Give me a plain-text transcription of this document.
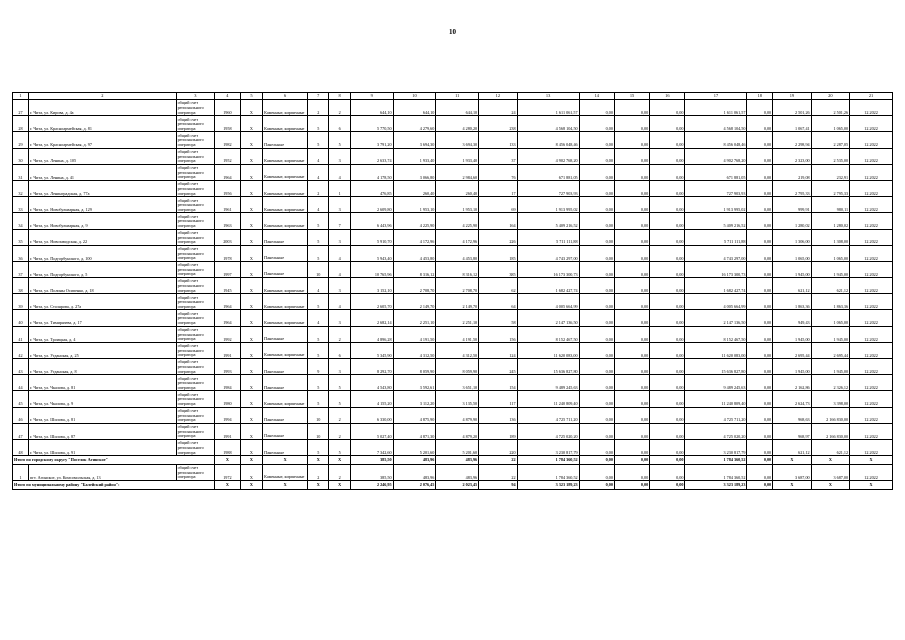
10
1	2	3	4	5	6	7	8	9	10	11	12	13	14	15	16	17	18	19	20	21
27	г. Чита, ул. Кирова, д. 4а	общий счет регионального оператора	1960	Х	Каменные, кирпичные	2	2	644,10	644,10	644,10	24	1 611 061,57	0,00	0,00	0,00	1 611 061,57	0,00	2 501,26	2 501,26	12.2022
28	г. Чита, ул. Красноармейская, д. 81	общий счет регионального оператора	1958	Х	Каменные, кирпичные	5	6	5 770,50	4 279,60	4 280,20	238	4 568 104,50	0,00	0,00	0,00	4 568 104,50	0,00	1 067,41	1 065,00	12.2022
29	г. Чита, ул. Красноармейская, д. 97	общий счет регионального оператора	1982	Х	Панельные	5	5	3 791,20	3 694,30	3 694,30	133	8 456 048,46	0,00	0,00	0,00	8 456 048,46	0,00	2 298,94	2 287,05	12.2022
30	г. Чита, ул. Ленина, д. 105	общий счет регионального оператора	1952	Х	Каменные, кирпичные	4	3	2 633,74	1 933,40	1 933,40	37	4 902 768,20	0,00	0,00	0,00	4 902 768,20	0,00	2 323,00	2 535,00	12.2022
31	г. Чита, ул. Ленина, д. 41	общий счет регионального оператора	1964	Х	Каменные, кирпичные	4	4	4 178,50	3 066,80	2 984,60	76	671 881,05	0,00	0,00	0,00	671 881,05	0,00	219,08	232,91	12.2022
32	г. Чита, ул. Ленинградская, д. 77а	общий счет регионального оператора	1956	Х	Каменные, кирпичные	2	1	476,85	260,40	260,40	17	727 903,93	0,00	0,00	0,00	727 903,93	0,00	2 795,33	2 795,33	12.2022
33	г. Чита, ул. Новобульварная, д. 129	общий счет регионального оператора	1961	Х	Каменные, кирпичные	4	3	2 609,80	1 953,10	1 953,10	69	1 913 995,02	0,00	0,00	0,00	1 913 995,02	0,00	999,91	980,11	12.2022
34	г. Чита, ул. Новобульварная, д. 9	общий счет регионального оператора	1963	Х	Каменные, кирпичные	5	7	6 443,96	4 225,90	4 225,90	164	5 409 216,52	0,00	0,00	0,00	5 409 216,52	0,00	1 280,02	1 280,02	12.2022
35	г. Чита, ул. Новозаводская, д. 22	общий счет регионального оператора	2003	Х	Панельные	5	3	5 910,70	4 172,96	4 172,96	226	5 711 111,88	0,00	0,00	0,00	5 711 111,88	0,00	1 306,00	1 308,00	12.2022
36	г. Чита, ул. Подгорбунского, д. 100	общий счет регионального оператора	1978	Х	Панельные	5	4	5 943,40	4 453,80	4 453,80	185	4 743 297,00	0,00	0,00	0,00	4 743 297,00	0,00	1 065,00	1 065,00	12.2022
37	г. Чита, ул. Подгорбунского, д. 5	общий счет регионального оператора	1997	Х	Панельные	10	4	10 765,96	8 316,12	8 316,12	385	16 173 300,73	0,00	0,00	0,00	16 173 300,73	0,00	1 945,00	1 945,00	12.2022
38	г. Чита, ул. Полины Осипенко, д. 18	общий счет регионального оператора	1945	Х	Каменные, кирпичные	4	3	3 152,10	2 708,70	2 708,70	62	1 682 427,74	0,00	0,00	0,00	1 682 427,74	0,00	621,12	621,12	12.2022
39	г. Чита, ул. Столярова, д. 27а	общий счет регионального оператора	1964	Х	Каменные, кирпичные	5	4	2 605,70	2 149,70	2 149,70	64	4 005 664,99	0,00	0,00	0,00	4 005 664,99	0,00	1 863,36	1 863,36	12.2022
40	г. Чита, ул. Тимирязева, д. 17	общий счет регионального оператора	1964	Х	Каменные, кирпичные	4	3	2 682,14	2 251,10	2 251,10	58	2 147 136,50	0,00	0,00	0,00	2 147 136,50	0,00	949,43	1 065,00	12.2022
41	г. Чита, ул. Троицкая, д. 4	общий счет регионального оператора	1992	Х	Панельные	5	2	4 896,28	4 191,50	4 191,50	156	8 152 467,50	0,00	0,00	0,00	8 152 467,50	0,00	1 945,00	1 945,00	12.2022
42	г. Чита, ул. Угданская, д. 25	общий счет регионального оператора	1991	Х	Каменные, кирпичные	5	6	5 345,90	4 312,50	4 312,50	124	11 620 083,00	0,00	0,00	0,00	11 620 083,00	0,00	2 695,44	2 695,44	12.2022
43	г. Чита, ул. Угданская, д. 8	общий счет регионального оператора	1993	Х	Панельные	9	3	8 292,70	8 059,90	8 059,90	245	15 636 827,80	0,00	0,00	0,00	15 636 827,80	0,00	1 945,00	1 945,00	12.2022
44	г. Чита, ул. Чкалова, д. 81	общий счет регионального оператора	1984	Х	Панельные	5	5	4 543,80	3 592,61	3 651,10	154	9 489 245,63	0,00	0,00	0,00	9 489 245,63	0,00	2 162,86	2 326,12	12.2022
45	г. Чита, ул. Чкалова, д. 9	общий счет регионального оператора	1980	Х	Каменные, кирпичные	5	5	4 155,20	3 112,20	3 135,50	117	11 240 809,40	0,00	0,00	0,00	11 240 809,40	0,00	2 624,73	3 398,00	12.2022
46	г. Чита, ул. Шилова, д. 81	общий счет регионального оператора	1994	Х	Панельные	10	2	6 330,00	4 875,90	4 879,90	136	4 725 711,20	0,00	0,00	0,00	4 725 711,20	0,00	968,63	2 166 830,00	12.2022
47	г. Чита, ул. Шилова, д. 87	общий счет регионального оператора	1991	Х	Панельные	10	2	5 027,40	4 871,30	4 879,20	189	4 725 020,20	0,00	0,00	0,00	4 725 020,20	0,00	968,97	2 166 830,00	12.2022
48	г. Чита, ул. Шилова, д. 91	общий счет регионального оператора	1988	Х	Панельные	5	5	7 342,60	5 201,60	5 201,60	220	3 230 817,79	0,00	0,00	0,00	3 230 817,79	0,00	621,12	621,12	12.2022
Итого по городскому округу "Поселок Агинское"			Х	Х	Х	Х	Х	385,50	483,96	483,96	22	1 784 360,52	0,00	0,00	0,00	1 784 360,52	0,00	Х	Х	Х
1	пгт. Агинское, ул. Комсомольская, д. 13	общий счет регионального оператора	1972	Х	Каменные, кирпичные	2	2	385,50	483,96	483,96	22	1 784 360,52	0,00	0,00	0,00	1 784 360,52	0,00	3 687,00	3 687,00	12.2022
Итого по муниципальному району "Балейский район":			Х	Х	Х	Х	Х	2 246,95	2 076,45	2 023,45	94	3 323 189,23	0,00	0,00	0,00	3 323 189,23	0,00	Х	Х	Х
